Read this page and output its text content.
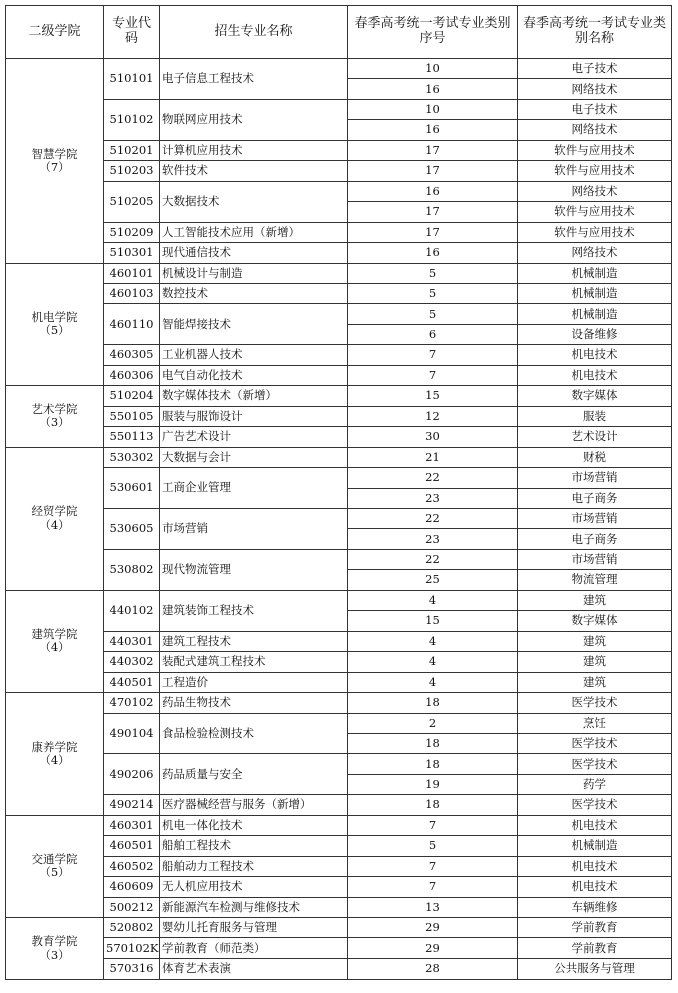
二级学院	专业代码	招生专业名称	春季高考统一考试专业类别序号	春季高考统一考试专业类别名称

智慧学院
（7）	510101	电子信息工程技术	10	电子技术
			16	网络技术
	510102	物联网应用技术	10	电子技术
			16	网络技术
	510201	计算机应用技术	17	软件与应用技术
	510203	软件技术	17	软件与应用技术
	510205	大数据技术	16	网络技术
			17	软件与应用技术
	510209	人工智能技术应用（新增）	17	软件与应用技术
	510301	现代通信技术	16	网络技术

机电学院
（5）	460101	机械设计与制造	5	机械制造
	460103	数控技术	5	机械制造
	460110	智能焊接技术	5	机械制造
			6	设备维修
	460305	工业机器人技术	7	机电技术
	460306	电气自动化技术	7	机电技术

艺术学院
（3）	510204	数字媒体技术（新增）	15	数字媒体
	550105	服装与服饰设计	12	服装
	550113	广告艺术设计	30	艺术设计

经贸学院
（4）	530302	大数据与会计	21	财税
	530601	工商企业管理	22	市场营销
			23	电子商务
	530605	市场营销	22	市场营销
			23	电子商务
	530802	现代物流管理	22	市场营销
			25	物流管理

建筑学院
（4）	440102	建筑装饰工程技术	4	建筑
			15	数字媒体
	440301	建筑工程技术	4	建筑
	440302	装配式建筑工程技术	4	建筑
	440501	工程造价	4	建筑

康养学院
（4）	470102	药品生物技术	18	医学技术
	490104	食品检验检测技术	2	烹饪
			18	医学技术
	490206	药品质量与安全	18	医学技术
			19	药学
	490214	医疗器械经营与服务（新增）	18	医学技术

交通学院
（5）	460301	机电一体化技术	7	机电技术
	460501	船舶工程技术	5	机械制造
	460502	船舶动力工程技术	7	机电技术
	460609	无人机应用技术	7	机电技术
	500212	新能源汽车检测与维修技术	13	车辆维修

教育学院
（3）	520802	婴幼儿托育服务与管理	29	学前教育
	570102K	学前教育（师范类）	29	学前教育
	570316	体育艺术表演	28	公共服务与管理
